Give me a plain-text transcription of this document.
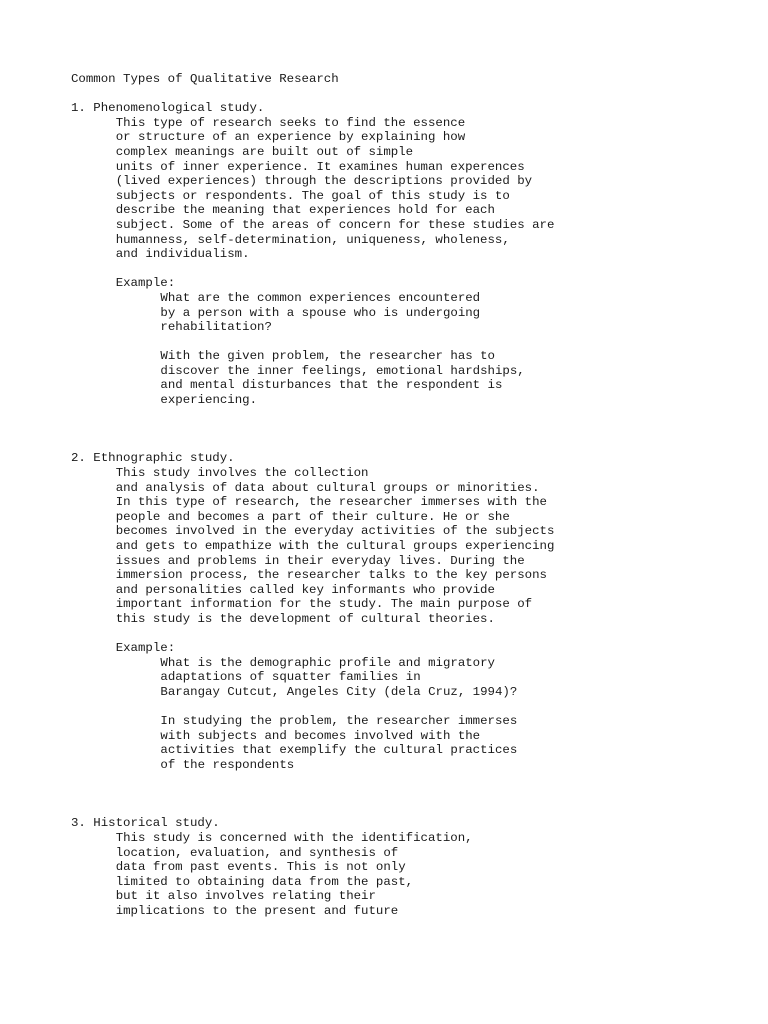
Common Types of Qualitative Research
1. Phenomenological study.
This type of research seeks to find the essence
or structure of an experience by explaining how
complex meanings are built out of simple
units of inner experience. It examines human experences
(lived experiences) through the descriptions provided by
subjects or respondents. The goal of this study is to
describe the meaning that experiences hold for each
subject. Some of the areas of concern for these studies are
humanness, self-determination, uniqueness, wholeness,
and individualism.
Example:
What are the common experiences encountered
by a person with a spouse who is undergoing
rehabilitation?
With the given problem, the researcher has to
discover the inner feelings, emotional hardships,
and mental disturbances that the respondent is
experiencing.
2. Ethnographic study.
This study involves the collection
and analysis of data about cultural groups or minorities.
In this type of research, the researcher immerses with the
people and becomes a part of their culture. He or she
becomes involved in the everyday activities of the subjects
and gets to empathize with the cultural groups experiencing
issues and problems in their everyday lives. During the
immersion process, the researcher talks to the key persons
and personalities called key informants who provide
important information for the study. The main purpose of
this study is the development of cultural theories.
Example:
What is the demographic profile and migratory
adaptations of squatter families in
Barangay Cutcut, Angeles City (dela Cruz, 1994)?
In studying the problem, the researcher immerses
with subjects and becomes involved with the
activities that exemplify the cultural practices
of the respondents
3. Historical study.
This study is concerned with the identification,
location, evaluation, and synthesis of
data from past events. This is not only
limited to obtaining data from the past,
but it also involves relating their
implications to the present and future
